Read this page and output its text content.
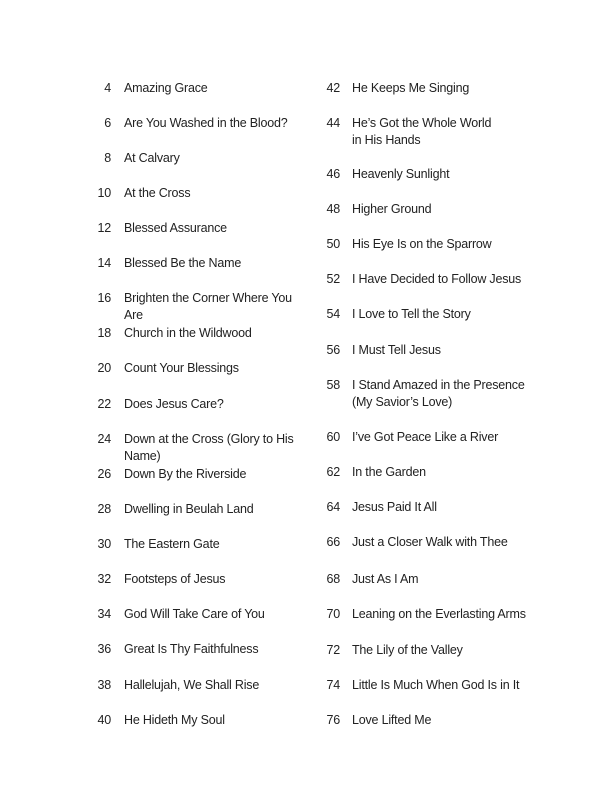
4 Amazing Grace
6 Are You Washed in the Blood?
8 At Calvary
10 At the Cross
12 Blessed Assurance
14 Blessed Be the Name
16 Brighten the Corner Where You Are
18 Church in the Wildwood
20 Count Your Blessings
22 Does Jesus Care?
24 Down at the Cross (Glory to His Name)
26 Down By the Riverside
28 Dwelling in Beulah Land
30 The Eastern Gate
32 Footsteps of Jesus
34 God Will Take Care of You
36 Great Is Thy Faithfulness
38 Hallelujah, We Shall Rise
40 He Hideth My Soul
42 He Keeps Me Singing
44 He’s Got the Whole World
in His Hands
46 Heavenly Sunlight
48 Higher Ground
50 His Eye Is on the Sparrow
52 I Have Decided to Follow Jesus
54 I Love to Tell the Story
56 I Must Tell Jesus
58 I Stand Amazed in the Presence
(My Savior’s Love)
60 I’ve Got Peace Like a River
62 In the Garden
64 Jesus Paid It All
66 Just a Closer Walk with Thee
68 Just As I Am
70 Leaning on the Everlasting Arms
72 The Lily of the Valley
74 Little Is Much When God Is in It
76 Love Lifted Me
